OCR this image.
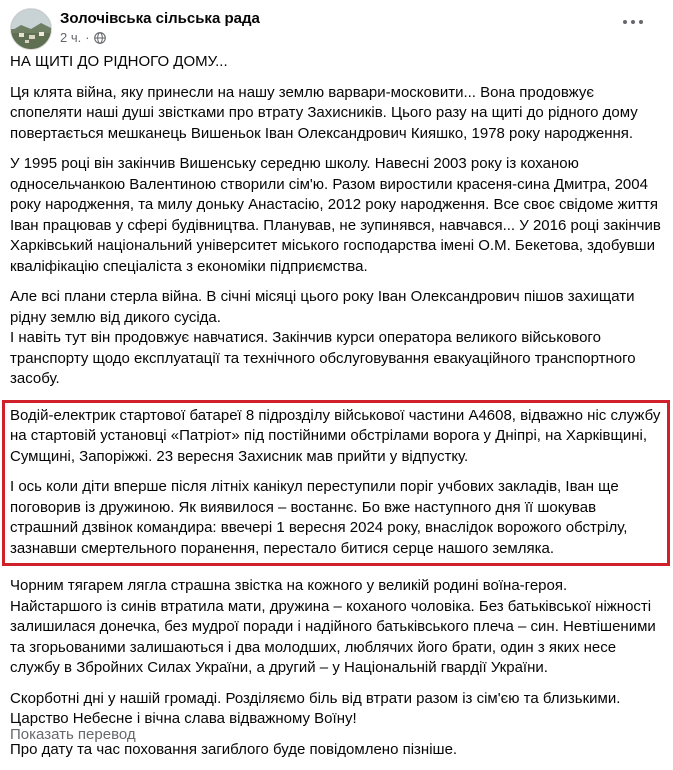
Золочівська сільська рада
2 ч. ·

НА ЩИТІ ДО РІДНОГО ДОМУ...

Ця клята війна, яку принесли на нашу землю варвари-московити... Вона продовжує спопеляти наші душі звістками про втрату Захисників. Цього разу на щиті до рідного дому повертається мешканець Вишеньок Іван Олександрович Кияшко, 1978 року народження.

У 1995 році він закінчив Вишенську середню школу. Навесні 2003 року із коханою односельчанкою Валентиною створили сім'ю. Разом виростили красеня-сина Дмитра, 2004 року народження, та милу доньку Анастасію, 2012 року народження. Все своє свідоме життя Іван працював у сфері будівництва. Планував, не зупинявся, навчався... У 2016 році закінчив Харківський національний університет міського господарства імені О.М. Бекетова, здобувши кваліфікацію спеціаліста з економіки підприємства.

Але всі плани стерла війна. В січні місяці цього року Іван Олександрович пішов захищати рідну землю від дикого сусіда.

І навіть тут він продовжує навчатися. Закінчив курси оператора великого військового транспорту щодо експлуатації та технічного обслуговування евакуаційного транспортного засобу.

Водій-електрик стартової батареї 8 підрозділу військової частини А4608, відважно ніс службу на стартовій установці «Патріот» під постійними обстрілами ворога у Дніпрі, на Харківщині, Сумщині, Запоріжжі. 23 вересня Захисник мав прийти у відпустку.

І ось коли діти вперше після літніх канікул переступили поріг учбових закладів, Іван ще поговорив із дружиною. Як виявилося – востаннє. Бо вже наступного дня її шокував страшний дзвінок командира: ввечері 1 вересня 2024 року, внаслідок ворожого обстрілу, зазнавши смертельного поранення, перестало битися серце нашого земляка.

Чорним тягарем лягла страшна звістка на кожного у великій родині воїна-героя. Найстаршого із синів втратила мати, дружина – коханого чоловіка. Без батьківської ніжності залишилася донечка, без мудрої поради і надійного батьківського плеча – син. Невтішеними та згорьованими залишаються і два молодших, люблячих його брати, один з яких несе службу в Збройних Силах України, а другий – у Національній гвардії України.

Скорботні дні у нашій громаді. Розділяємо біль від втрати разом із сім'єю та близькими. Царство Небесне і вічна слава відважному Воїну!

Про дату та час поховання загиблого буде повідомлено пізніше.

Показать перевод
